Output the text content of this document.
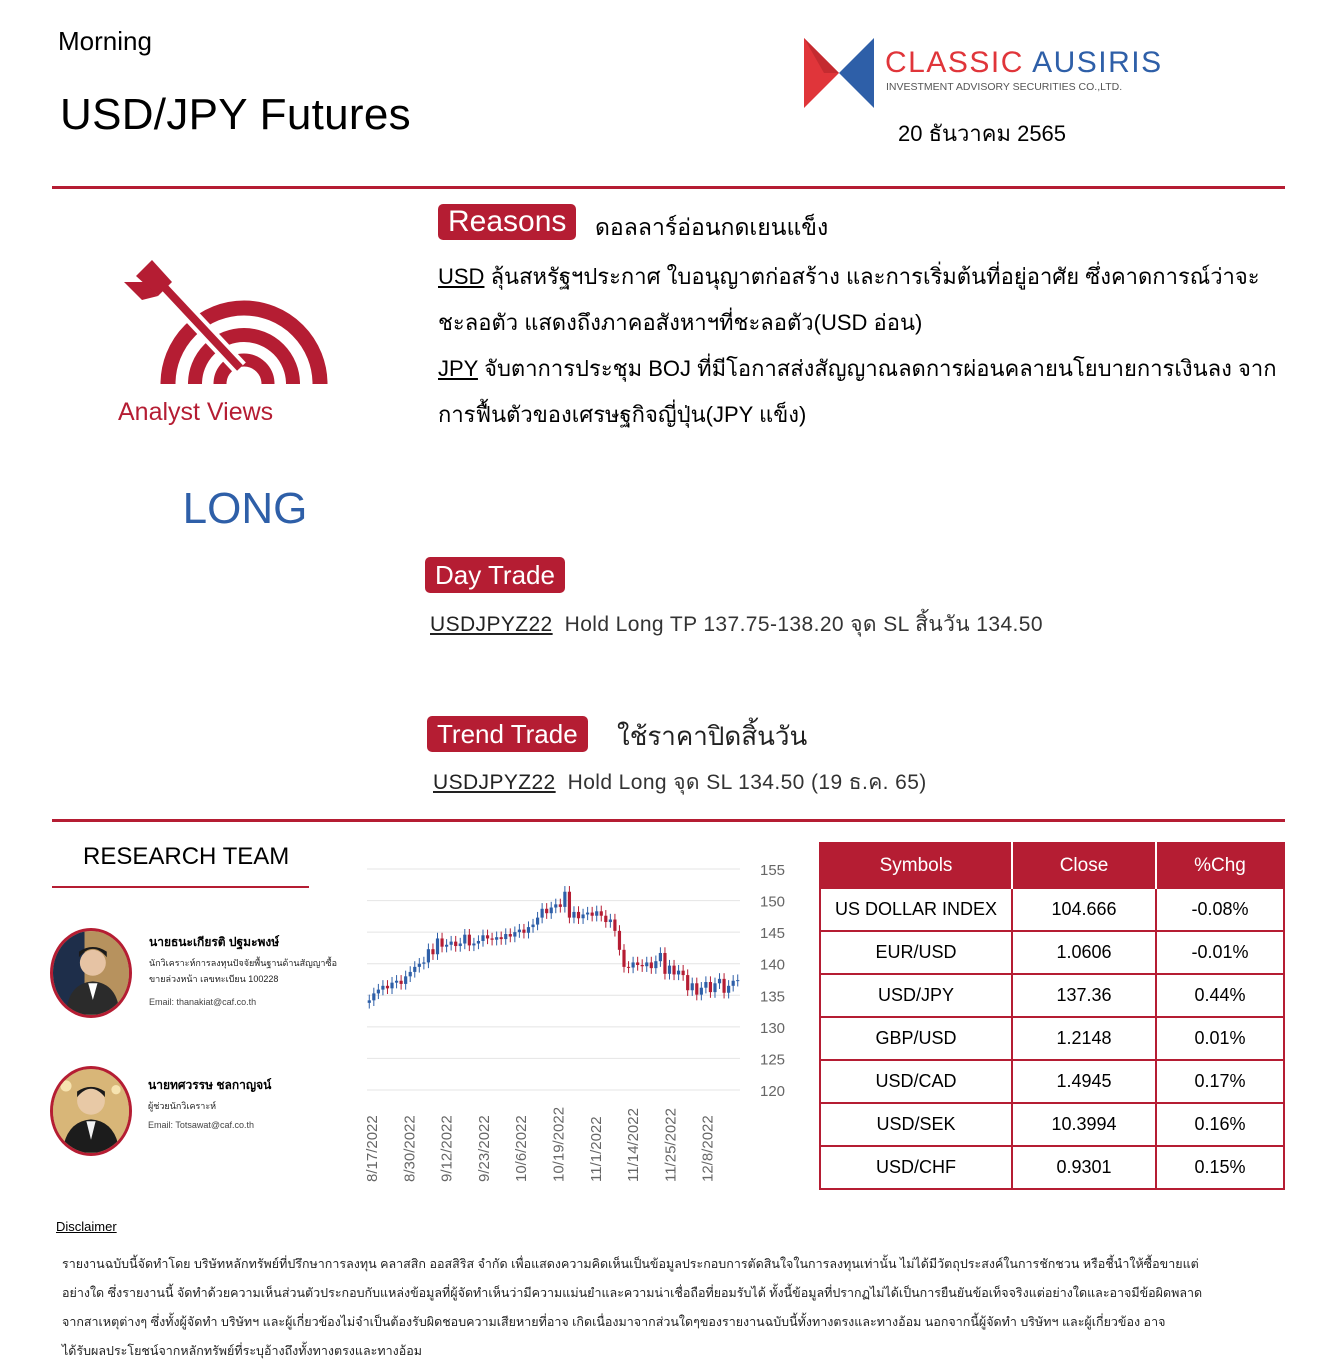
Morning
USD/JPY Futures
CLASSIC AUSIRIS
INVESTMENT ADVISORY SECURITIES CO.,LTD.
20 ธันวาคม 2565
Analyst Views
LONG
Reasons	ดอลลาร์อ่อนกดเยนแข็ง
USD ลุ้นสหรัฐฯประกาศ ใบอนุญาตก่อสร้าง และการเริ่มต้นที่อยู่อาศัย ซึ่งคาดการณ์ว่าจะ
ชะลอตัว แสดงถึงภาคอสังหาฯที่ชะลอตัว(USD อ่อน)
JPY จับตาการประชุม BOJ ที่มีโอกาสส่งสัญญาณลดการผ่อนคลายนโยบายการเงินลง จาก
การฟื้นตัวของเศรษฐกิจญี่ปุ่น(JPY แข็ง)
Day Trade
USDJPYZ22 Hold Long TP 137.75-138.20 จุด SL สิ้นวัน 134.50
Trend Trade	ใช้ราคาปิดสิ้นวัน
USDJPYZ22 Hold Long จุด SL 134.50 (19 ธ.ค. 65)
RESEARCH TEAM
นายธนะเกียรติ ปฐมะพงษ์
นักวิเคราะห์การลงทุนปัจจัยพื้นฐานด้านสัญญาซื้อ
ขายล่วงหน้า เลขทะเบียน 100228
Email: thanakiat@caf.co.th
นายทศวรรษ ชลกาญจน์
ผู้ช่วยนักวิเคราะห์
Email: Totsawat@caf.co.th
155
150
145
140
135
130
125
120
8/17/2022 8/30/2022 9/12/2022 9/23/2022 10/6/2022 10/19/2022 11/1/2022 11/14/2022 11/25/2022 12/8/2022
Symbols	Close	%Chg
US DOLLAR INDEX	104.666	-0.08%
EUR/USD	1.0606	-0.01%
USD/JPY	137.36	0.44%
GBP/USD	1.2148	0.01%
USD/CAD	1.4945	0.17%
USD/SEK	10.3994	0.16%
USD/CHF	0.9301	0.15%
Disclaimer
รายงานฉบับนี้จัดทำโดย บริษัทหลักทรัพย์ที่ปรึกษาการลงทุน คลาสสิก ออสสิริส จำกัด เพื่อแสดงความคิดเห็นเป็นข้อมูลประกอบการตัดสินใจในการลงทุนเท่านั้น ไม่ได้มีวัตถุประสงค์ในการชักชวน หรือชี้นำให้ซื้อขายแต่
อย่างใด ซึ่งรายงานนี้ จัดทำด้วยความเห็นส่วนตัวประกอบกับแหล่งข้อมูลที่ผู้จัดทำเห็นว่ามีความแม่นยำและความน่าเชื่อถือที่ยอมรับได้ ทั้งนี้ข้อมูลที่ปรากฏไม่ได้เป็นการยืนยันข้อเท็จจริงแต่อย่างใดและอาจมีข้อผิดพลาด
จากสาเหตุต่างๆ ซึ่งทั้งผู้จัดทำ บริษัทฯ และผู้เกี่ยวข้องไม่จำเป็นต้องรับผิดชอบความเสียหายที่อาจ เกิดเนื่องมาจากส่วนใดๆของรายงานฉบับนี้ทั้งทางตรงและทางอ้อม นอกจากนี้ผู้จัดทำ บริษัทฯ และผู้เกี่ยวข้อง อาจ
ได้รับผลประโยชน์จากหลักทรัพย์ที่ระบุอ้างถึงทั้งทางตรงและทางอ้อม
